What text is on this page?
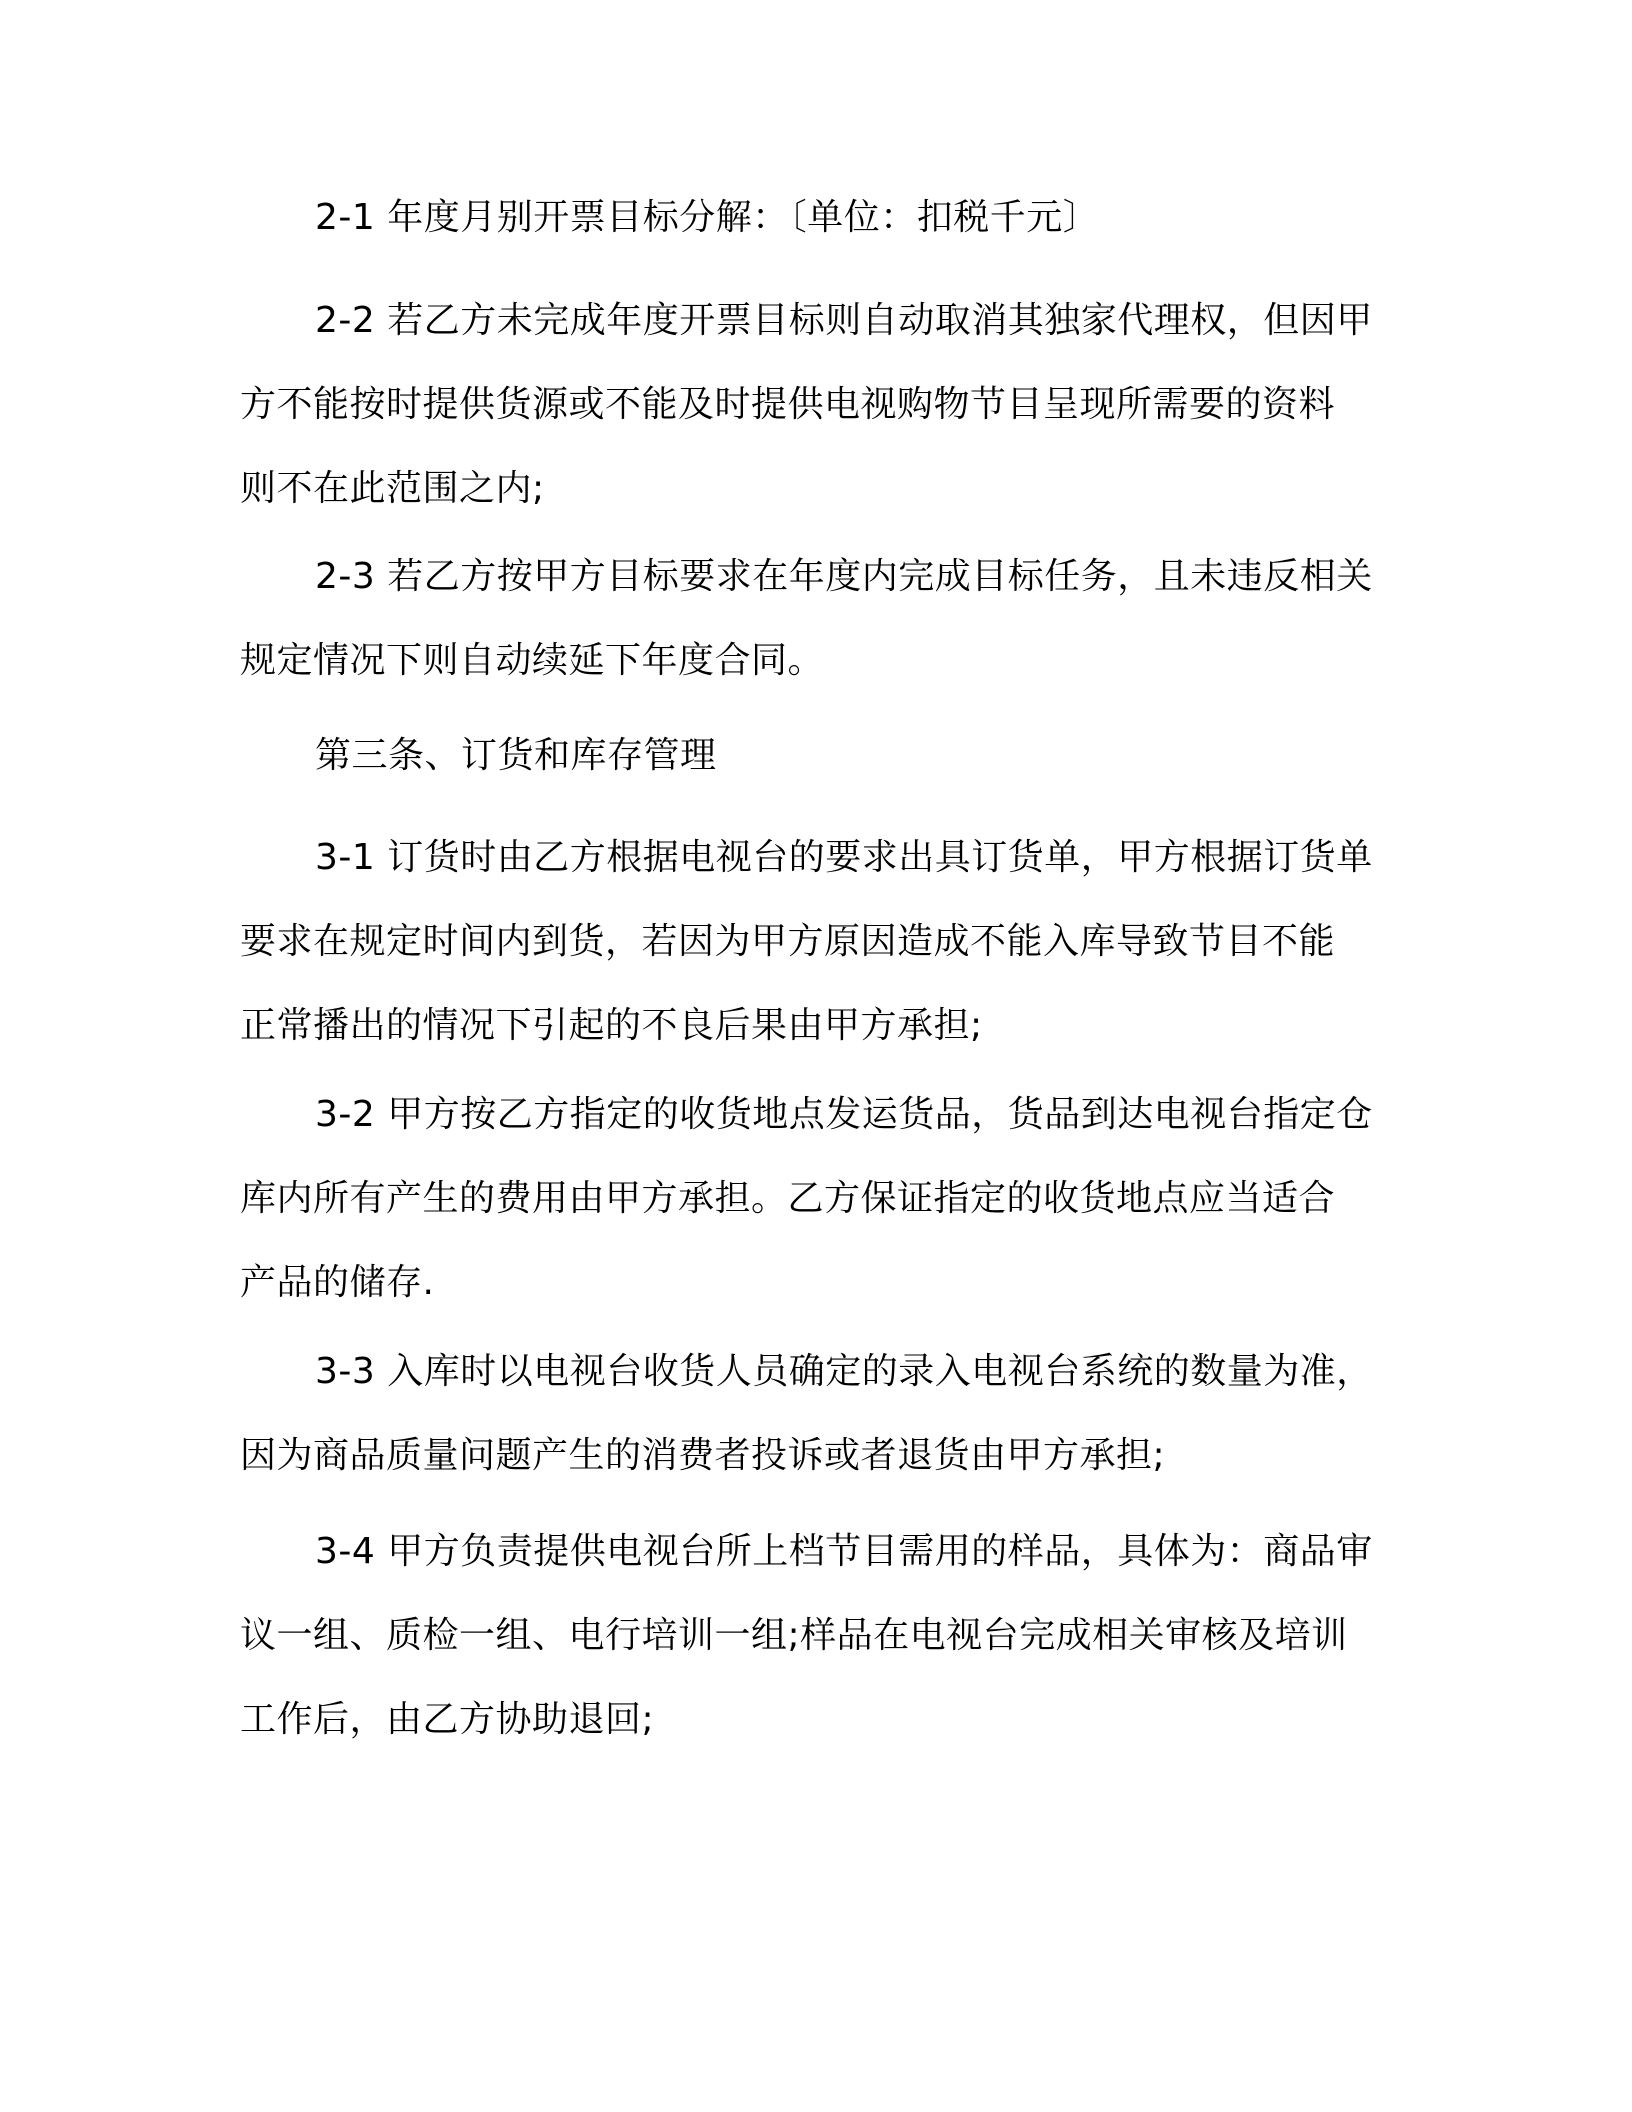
2-1 年度月别开票目标分解：〔单位：扣税千元〕

2-2 若乙方未完成年度开票目标则自动取消其独家代理权，但因甲
方不能按时提供货源或不能及时提供电视购物节目呈现所需要的资料
则不在此范围之内;

2-3 若乙方按甲方目标要求在年度内完成目标任务，且未违反相关
规定情况下则自动续延下年度合同。

第三条、订货和库存管理

3-1 订货时由乙方根据电视台的要求出具订货单，甲方根据订货单
要求在规定时间内到货，若因为甲方原因造成不能入库导致节目不能
正常播出的情况下引起的不良后果由甲方承担;

3-2 甲方按乙方指定的收货地点发运货品，货品到达电视台指定仓
库内所有产生的费用由甲方承担。乙方保证指定的收货地点应当适合
产品的储存.

3-3 入库时以电视台收货人员确定的录入电视台系统的数量为准，
因为商品质量问题产生的消费者投诉或者退货由甲方承担;

3-4 甲方负责提供电视台所上档节目需用的样品，具体为：商品审
议一组、质检一组、电行培训一组;样品在电视台完成相关审核及培训
工作后，由乙方协助退回;
